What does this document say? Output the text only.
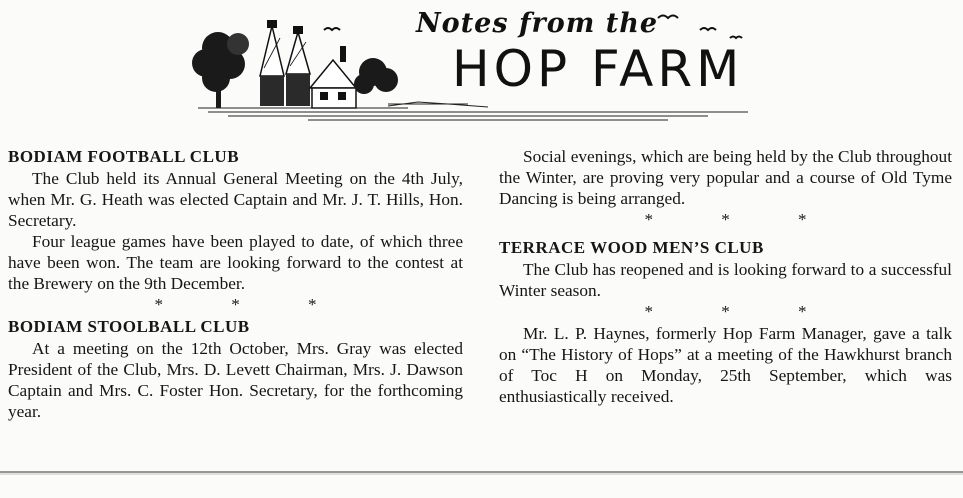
Notes from the
HOP FARM
BODIAM FOOTBALL CLUB

The Club held its Annual General Meeting on the 4th July, when Mr. G. Heath was elected Captain and Mr. J. T. Hills, Hon. Secretary.

Four league games have been played to date, of which three have been won. The team are looking forward to the contest at the Brewery on the 9th December.

* * *
BODIAM STOOLBALL CLUB

At a meeting on the 12th October, Mrs. Gray was elected President of the Club, Mrs. D. Levett Chairman, Mrs. J. Dawson Captain and Mrs. C. Foster Hon. Secretary, for the forthcoming year.

Social evenings, which are being held by the Club throughout the Winter, are proving very popular and a course of Old Tyme Dancing is being arranged.

* * *
TERRACE WOOD MEN’S CLUB

The Club has reopened and is looking forward to a successful Winter season.

* * *

Mr. L. P. Haynes, formerly Hop Farm Manager, gave a talk on “The History of Hops” at a meeting of the Hawkhurst branch of Toc H on Monday, 25th September, which was enthusiastically received.
